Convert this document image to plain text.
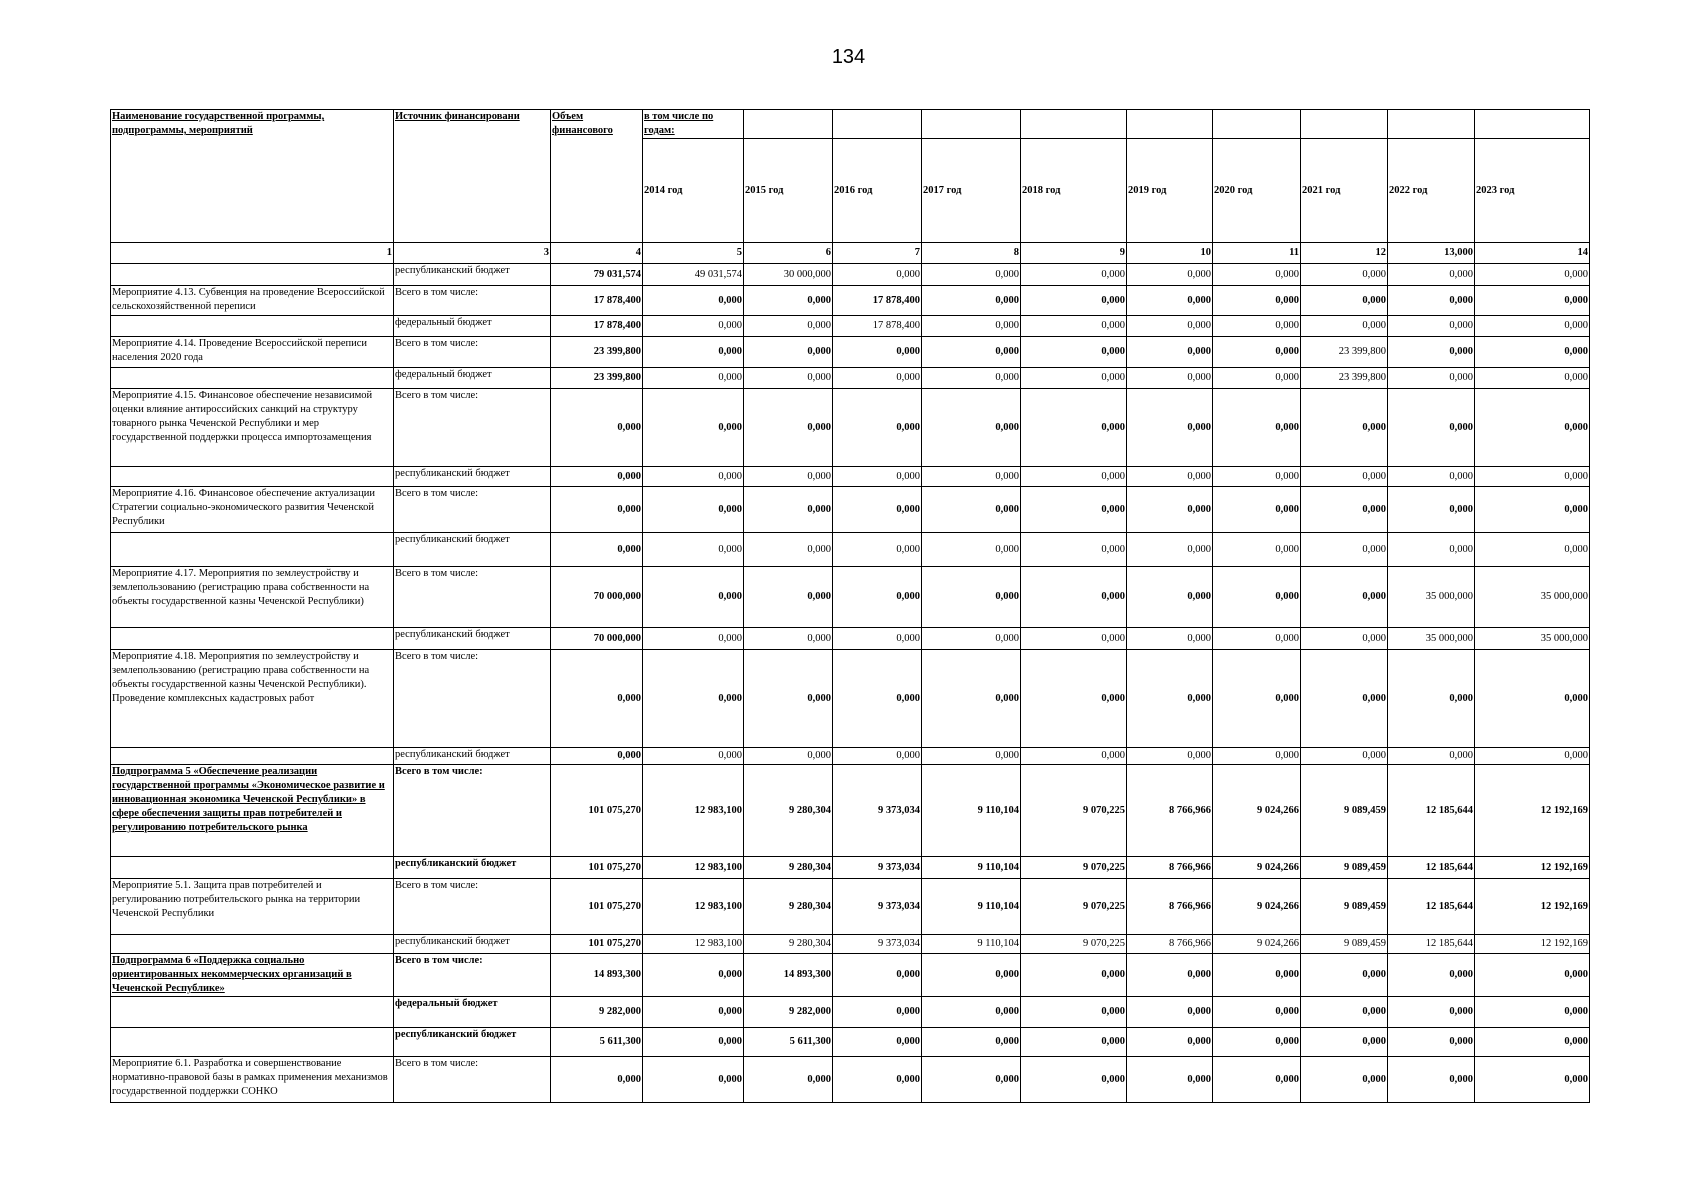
134
Наименование государственной программы, подпрограммы, мероприятий	Источник финансировани	Объем финансового	в том числе по годам:									
			2014 год	2015 год	2016 год	2017 год	2018 год	2019 год	2020 год	2021 год	2022 год	2023 год
1	3	4	5	6	7	8	9	10	11	12	13,000	14
	республиканский бюджет	79 031,574	49 031,574	30 000,000	0,000	0,000	0,000	0,000	0,000	0,000	0,000	0,000
Мероприятие 4.13. Субвенция на проведение Всероссийской сельскохозяйственной переписи	Всего в том числе:	17 878,400	0,000	0,000	17 878,400	0,000	0,000	0,000	0,000	0,000	0,000	0,000
	федеральный бюджет	17 878,400	0,000	0,000	17 878,400	0,000	0,000	0,000	0,000	0,000	0,000	0,000
Мероприятие 4.14. Проведение Всероссийской переписи населения 2020 года	Всего в том числе:	23 399,800	0,000	0,000	0,000	0,000	0,000	0,000	0,000	23 399,800	0,000	0,000
	федеральный бюджет	23 399,800	0,000	0,000	0,000	0,000	0,000	0,000	0,000	23 399,800	0,000	0,000
Мероприятие 4.15. Финансовое обеспечение независимой оценки влияние антироссийских санкций на структуру товарного рынка Чеченской Республики и мер государственной поддержки процесса импортозамещения	Всего в том числе:	0,000	0,000	0,000	0,000	0,000	0,000	0,000	0,000	0,000	0,000	0,000
	республиканский бюджет	0,000	0,000	0,000	0,000	0,000	0,000	0,000	0,000	0,000	0,000	0,000
Мероприятие 4.16. Финансовое обеспечение актуализации Стратегии социально-экономического развития Чеченской Республики	Всего в том числе:	0,000	0,000	0,000	0,000	0,000	0,000	0,000	0,000	0,000	0,000	0,000
	республиканский бюджет	0,000	0,000	0,000	0,000	0,000	0,000	0,000	0,000	0,000	0,000	0,000
Мероприятие 4.17. Мероприятия по землеустройству и землепользованию (регистрацию права собственности на объекты государственной казны Чеченской Республики)	Всего в том числе:	70 000,000	0,000	0,000	0,000	0,000	0,000	0,000	0,000	0,000	35 000,000	35 000,000
	республиканский бюджет	70 000,000	0,000	0,000	0,000	0,000	0,000	0,000	0,000	0,000	35 000,000	35 000,000
Мероприятие 4.18. Мероприятия по землеустройству и землепользованию (регистрацию права собственности на объекты государственной казны Чеченской Республики). Проведение комплексных кадастровых работ	Всего в том числе:	0,000	0,000	0,000	0,000	0,000	0,000	0,000	0,000	0,000	0,000	0,000
	республиканский бюджет	0,000	0,000	0,000	0,000	0,000	0,000	0,000	0,000	0,000	0,000	0,000
Подпрограмма 5 «Обеспечение реализации государственной программы «Экономическое развитие и инновационная экономика Чеченской Республики» в сфере обеспечения защиты прав потребителей и регулированию потребительского рынка	Всего в том числе:	101 075,270	12 983,100	9 280,304	9 373,034	9 110,104	9 070,225	8 766,966	9 024,266	9 089,459	12 185,644	12 192,169
	республиканский бюджет	101 075,270	12 983,100	9 280,304	9 373,034	9 110,104	9 070,225	8 766,966	9 024,266	9 089,459	12 185,644	12 192,169
Мероприятие 5.1. Защита прав потребителей и регулированию потребительского рынка на территории Чеченской Республики	Всего в том числе:	101 075,270	12 983,100	9 280,304	9 373,034	9 110,104	9 070,225	8 766,966	9 024,266	9 089,459	12 185,644	12 192,169
	республиканский бюджет	101 075,270	12 983,100	9 280,304	9 373,034	9 110,104	9 070,225	8 766,966	9 024,266	9 089,459	12 185,644	12 192,169
Подпрограмма 6 «Поддержка социально ориентированных некоммерческих организаций в Чеченской Республике»	Всего в том числе:	14 893,300	0,000	14 893,300	0,000	0,000	0,000	0,000	0,000	0,000	0,000	0,000
	федеральный бюджет	9 282,000	0,000	9 282,000	0,000	0,000	0,000	0,000	0,000	0,000	0,000	0,000
	республиканский бюджет	5 611,300	0,000	5 611,300	0,000	0,000	0,000	0,000	0,000	0,000	0,000	0,000
Мероприятие 6.1. Разработка и совершенствование нормативно-правовой базы в рамках применения механизмов государственной поддержки СОНКО	Всего в том числе:	0,000	0,000	0,000	0,000	0,000	0,000	0,000	0,000	0,000	0,000	0,000
